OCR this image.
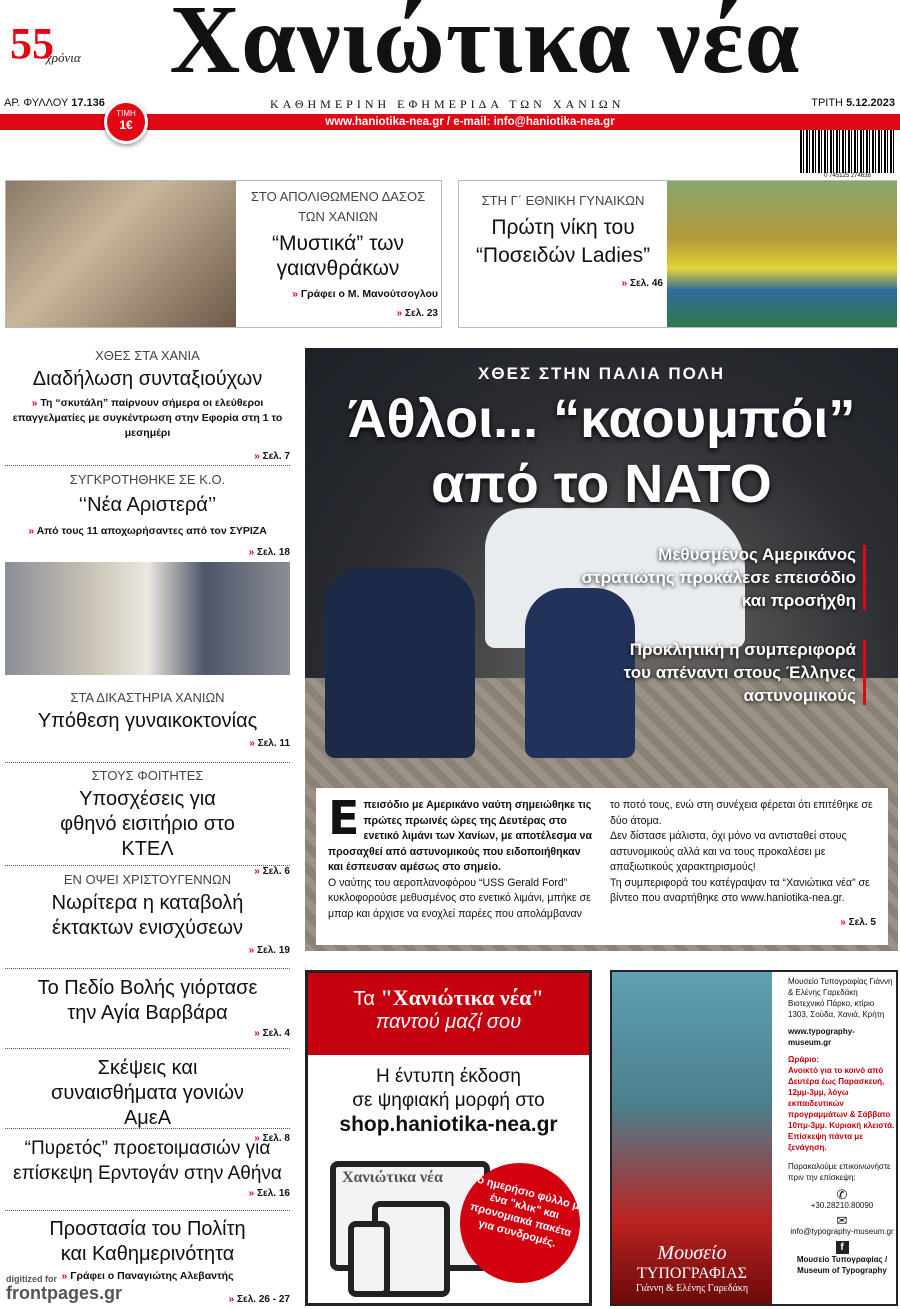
55
χρόνια Χανιώτικα νέα
ΑΡ. ΦΥΛΛΟΥ 17.136	ΚΑΘΗΜΕΡΙΝΗ ΕΦΗΜΕΡΙΔΑ ΤΩΝ ΧΑΝΙΩΝ	ΤΡΙΤΗ 5.12.2023
www.haniotika-nea.gr / e-mail: info@haniotika-nea.gr
ΤΙΜΗ
1€
0 745125 274638
ΣΤΟ ΑΠΟΛΙΘΩΜΕΝΟ ΔΑΣΟΣ ΤΩΝ ΧΑΝΙΩΝ
“Μυστικά” των γαιανθράκων
» Γράφει ο Μ. Μανούτσογλου
» Σελ. 23
ΣΤΗ Γ΄ ΕΘΝΙΚΗ ΓΥΝΑΙΚΩΝ
Πρώτη νίκη του “Ποσειδών Ladies”
» Σελ. 46
ΧΘΕΣ ΣΤΑ ΧΑΝΙΑ
Διαδήλωση συνταξιούχων
» Τη “σκυτάλη” παίρνουν σήμερα οι ελεύθεροι επαγγελματίες με συγκέντρωση στην Εφορία στη 1 το μεσημέρι
» Σελ. 7
ΣΥΓΚΡΟΤΗΘΗΚΕ ΣΕ Κ.Ο.
‘‘Νέα Αριστερά’’
» Από τους 11 αποχωρήσαντες από τον ΣΥΡΙΖΑ
» Σελ. 18
ΣΤΑ ΔΙΚΑΣΤΗΡΙΑ ΧΑΝΙΩΝ
Υπόθεση γυναικοκτονίας
» Σελ. 11
ΣΤΟΥΣ ΦΟΙΤΗΤΕΣ
Υποσχέσεις για φθηνό εισιτήριο στο ΚΤΕΛ
» Σελ. 6
ΕΝ ΟΨΕΙ ΧΡΙΣΤΟΥΓΕΝΝΩΝ
Νωρίτερα η καταβολή έκτακτων ενισχύσεων
» Σελ. 19
Το Πεδίο Βολής γιόρτασε την Αγία Βαρβάρα
» Σελ. 4
Σκέψεις και συναισθήματα γονιών ΑμεΑ
» Σελ. 8
“Πυρετός” προετοιμασιών για επίσκεψη Ερντογάν στην Αθήνα
» Σελ. 16
Προστασία του Πολίτη και Καθημερινότητα
» Γράφει ο Παναγιώτης Αλεβαντής
» Σελ. 26 - 27
digitized for
frontpages.gr
ΧΘΕΣ ΣΤΗΝ ΠΑΛΙΑ ΠΟΛΗ
Άθλοι... “καουμπόι”
από το ΝΑΤΟ
Μεθυσμένος Αμερικάνος στρατιώτης προκάλεσε επεισόδιο και προσήχθη
Προκλητική η συμπεριφορά του απέναντι στους Έλληνες αστυνομικούς
Επεισόδιο με Αμερικάνο ναύτη σημειώθηκε τις πρώτες πρωινές ώρες της Δευτέρας στο ενετικό λιμάνι των Χανίων, με αποτέλεσμα να προσαχθεί από αστυνομικούς που ειδοποιήθηκαν και έσπευσαν αμέσως στο σημείο.
Ο ναύτης του αεροπλανοφόρου “USS Gerald Ford” κυκλοφορούσε μεθυσμένος στο ενετικό λιμάνι, μπήκε σε μπαρ και άρχισε να ενοχλεί παρέες που απολάμβαναν
το ποτό τους, ενώ στη συνέχεια φέρεται ότι επιτέθηκε σε δύο άτομα.
Δεν δίστασε μάλιστα, όχι μόνο να αντισταθεί στους αστυνομικούς αλλά και να τους προκαλέσει με απαξιωτικούς χαρακτηρισμούς!
Τη συμπεριφορά του κατέγραψαν τα “Χανιώτικα νέα” σε βίντεο που αναρτήθηκε στο www.haniotika-nea.gr.
» Σελ. 5
Τα "Χανιώτικα νέα"
παντού μαζί σου
Η έντυπη έκδοση
σε ψηφιακή μορφή στο
shop.haniotika-nea.gr
Χανιώτικα νέα	Το ημερήσιο φύλλο με ένα "κλικ" και προνομιακά πακέτα για συνδρομές.
Μουσείο
ΤΥΠΟΓΡΑΦΙΑΣ
Γιάννη & Ελένης Γαρεδάκη
Μουσείο Τυπογραφίας Γιάννη & Ελένης Γαρεδάκη Βιοτεχνικό Πάρκο, κτίριο 1303, Σούδα, Χανιά, Κρήτη
www.typography-museum.gr
Ωράριο:
Ανοικτό για το κοινό από Δευτέρα έως Παρασκευή, 12μμ-3μμ, λόγω εκπαιδευτικών προγραμμάτων & Σάββατο 10πμ-3μμ. Κυριακή κλειστά. Επίσκεψη πάντα με ξενάγηση.
Παρακαλούμε επικοινωνήστε πριν την επίσκεψη:
✆
+30.28210.80090
✉
info@typography-museum.gr
f
Μουσείο Τυπογραφίας / Museum of Typography
